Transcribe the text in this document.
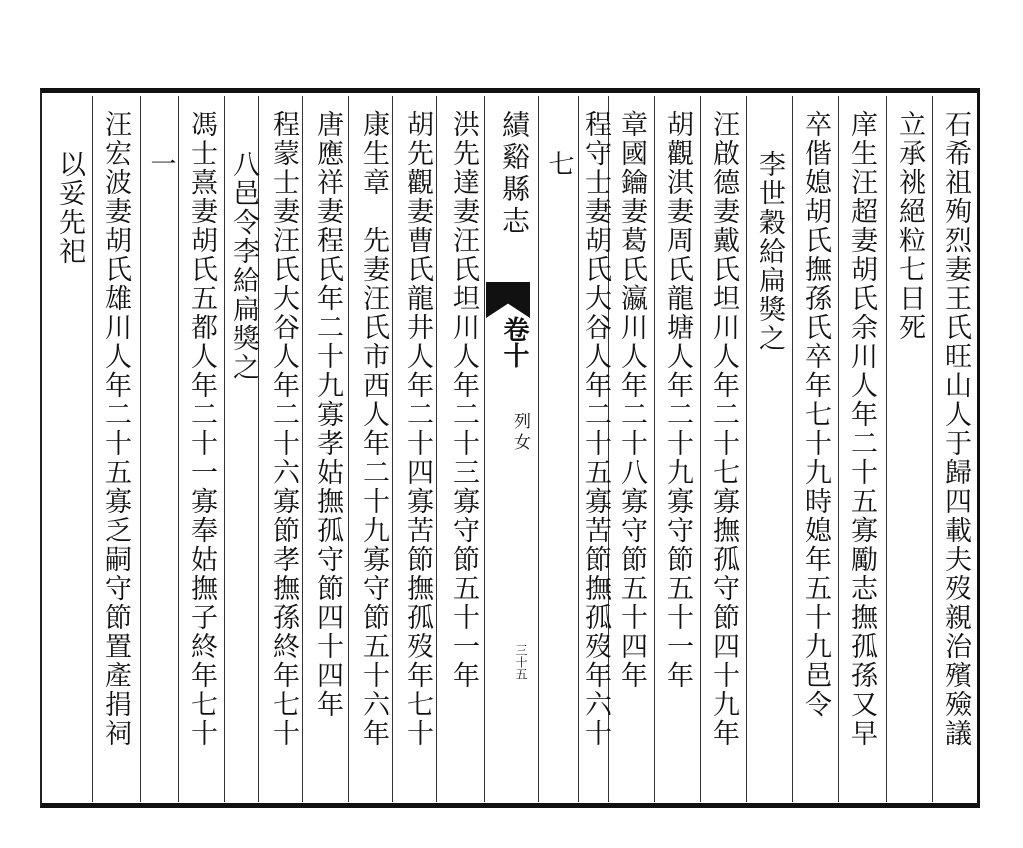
石希祖殉烈妻王氏旺山人于歸四載夫歿親治殯殮議
立承祧絕粒七日死
庠生汪超妻胡氏余川人年二十五寡勵志撫孤孫又早
卒偕媳胡氏撫孫氏卒年七十九時媳年五十九邑令
李世穀給扁獎之
汪啟德妻戴氏坦川人年二十七寡撫孤守節四十九年
胡觀淇妻周氏龍塘人年二十九寡守節五十一年
章國鑰妻葛氏瀛川人年二十八寡守節五十四年
程守士妻胡氏大谷人年二十五寡苦節撫孤歿年六十
七
績谿縣志
卷十
列女
三十五
洪先達妻汪氏坦川人年二十三寡守節五十一年
胡先觀妻曹氏龍井人年二十四寡苦節撫孤歿年七十
康生章　先妻汪氏市西人年二十九寡守節五十六年
唐應祥妻程氏年二十九寡孝姑撫孤守節四十四年
程蒙士妻汪氏大谷人年二十六寡節孝撫孫終年七十
八邑令李給扁獎之
馮士熹妻胡氏五都人年二十一寡奉姑撫子終年七十
一
汪宏波妻胡氏雄川人年二十五寡乏嗣守節置產捐祠
以妥先祀
